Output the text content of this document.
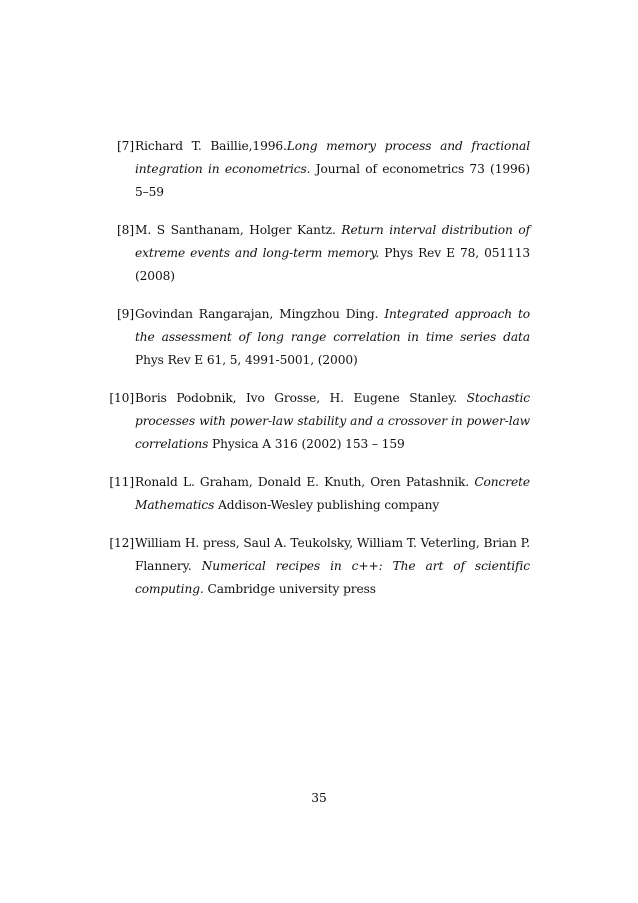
[7] Richard T. Baillie,1996.Long memory process and fractional integration in econometrics. Journal of econometrics 73 (1996) 5–59
[8] M. S Santhanam, Holger Kantz. Return interval distribution of extreme events and long-term memory. Phys Rev E 78, 051113 (2008)
[9] Govindan Rangarajan, Mingzhou Ding. Integrated approach to the assessment of long range correlation in time series data Phys Rev E 61, 5, 4991-5001, (2000)
[10] Boris Podobnik, Ivo Grosse, H. Eugene Stanley. Stochastic processes with power-law stability and a crossover in power-law correlations Physica A 316 (2002) 153 – 159
[11] Ronald L. Graham, Donald E. Knuth, Oren Patashnik. Concrete Mathematics Addison-Wesley publishing company
[12] William H. press, Saul A. Teukolsky, William T. Veterling, Brian P. Flannery. Numerical recipes in c++: The art of scientific computing. Cambridge university press
35
